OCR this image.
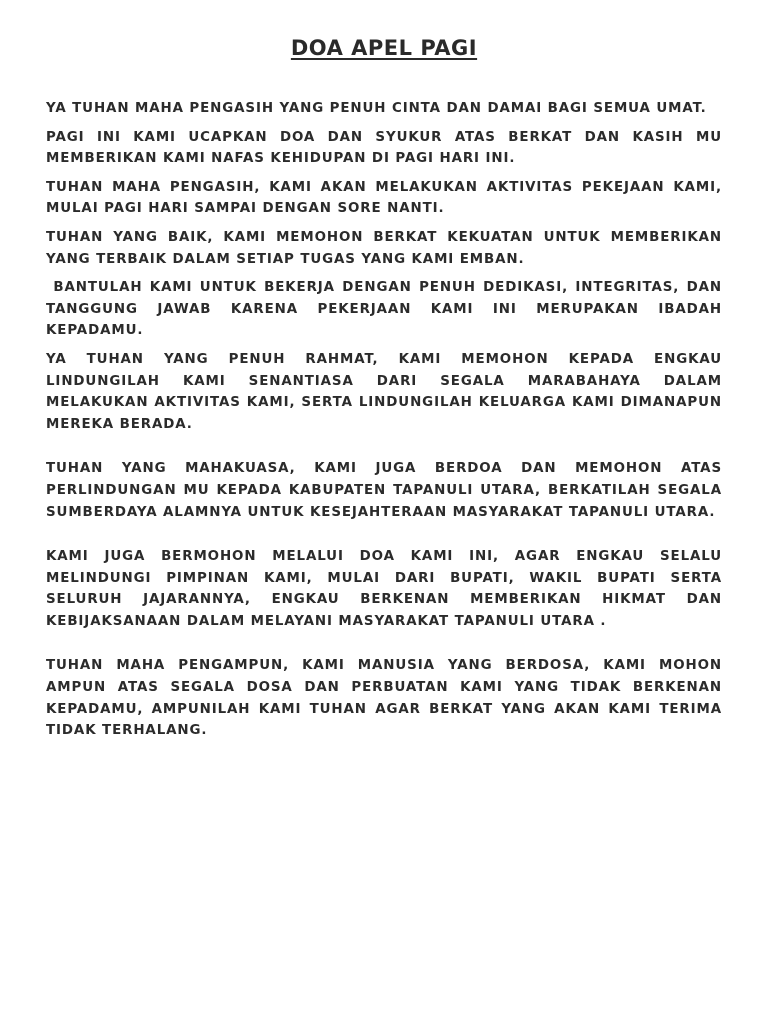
DOA APEL PAGI

YA TUHAN MAHA PENGASIH YANG PENUH CINTA DAN DAMAI BAGI SEMUA UMAT.

PAGI INI KAMI UCAPKAN DOA DAN SYUKUR ATAS BERKAT DAN KASIH MU MEMBERIKAN KAMI NAFAS KEHIDUPAN DI PAGI HARI INI.

TUHAN MAHA PENGASIH, KAMI AKAN MELAKUKAN AKTIVITAS PEKEJAAN KAMI, MULAI PAGI HARI SAMPAI DENGAN SORE NANTI.

TUHAN YANG BAIK, KAMI MEMOHON BERKAT KEKUATAN UNTUK MEMBERIKAN YANG TERBAIK DALAM SETIAP TUGAS YANG KAMI EMBAN.

BANTULAH KAMI UNTUK BEKERJA DENGAN PENUH DEDIKASI, INTEGRITAS, DAN TANGGUNG JAWAB KARENA PEKERJAAN KAMI INI MERUPAKAN IBADAH KEPADAMU.

YA TUHAN YANG PENUH RAHMAT, KAMI MEMOHON KEPADA ENGKAU LINDUNGILAH KAMI SENANTIASA DARI SEGALA MARABAHAYA DALAM MELAKUKAN AKTIVITAS KAMI, SERTA LINDUNGILAH KELUARGA KAMI DIMANAPUN MEREKA BERADA.

TUHAN YANG MAHAKUASA, KAMI JUGA BERDOA DAN MEMOHON ATAS PERLINDUNGAN MU KEPADA KABUPATEN TAPANULI UTARA, BERKATILAH SEGALA SUMBERDAYA ALAMNYA UNTUK KESEJAHTERAAN MASYARAKAT TAPANULI UTARA.

KAMI JUGA BERMOHON MELALUI DOA KAMI INI, AGAR ENGKAU SELALU MELINDUNGI PIMPINAN KAMI, MULAI DARI BUPATI, WAKIL BUPATI SERTA SELURUH JAJARANNYA, ENGKAU BERKENAN MEMBERIKAN HIKMAT DAN KEBIJAKSANAAN DALAM MELAYANI MASYARAKAT TAPANULI UTARA .

TUHAN MAHA PENGAMPUN, KAMI MANUSIA YANG BERDOSA, KAMI MOHON AMPUN ATAS SEGALA DOSA DAN PERBUATAN KAMI YANG TIDAK BERKENAN KEPADAMU, AMPUNILAH KAMI TUHAN AGAR BERKAT YANG AKAN KAMI TERIMA TIDAK TERHALANG.
